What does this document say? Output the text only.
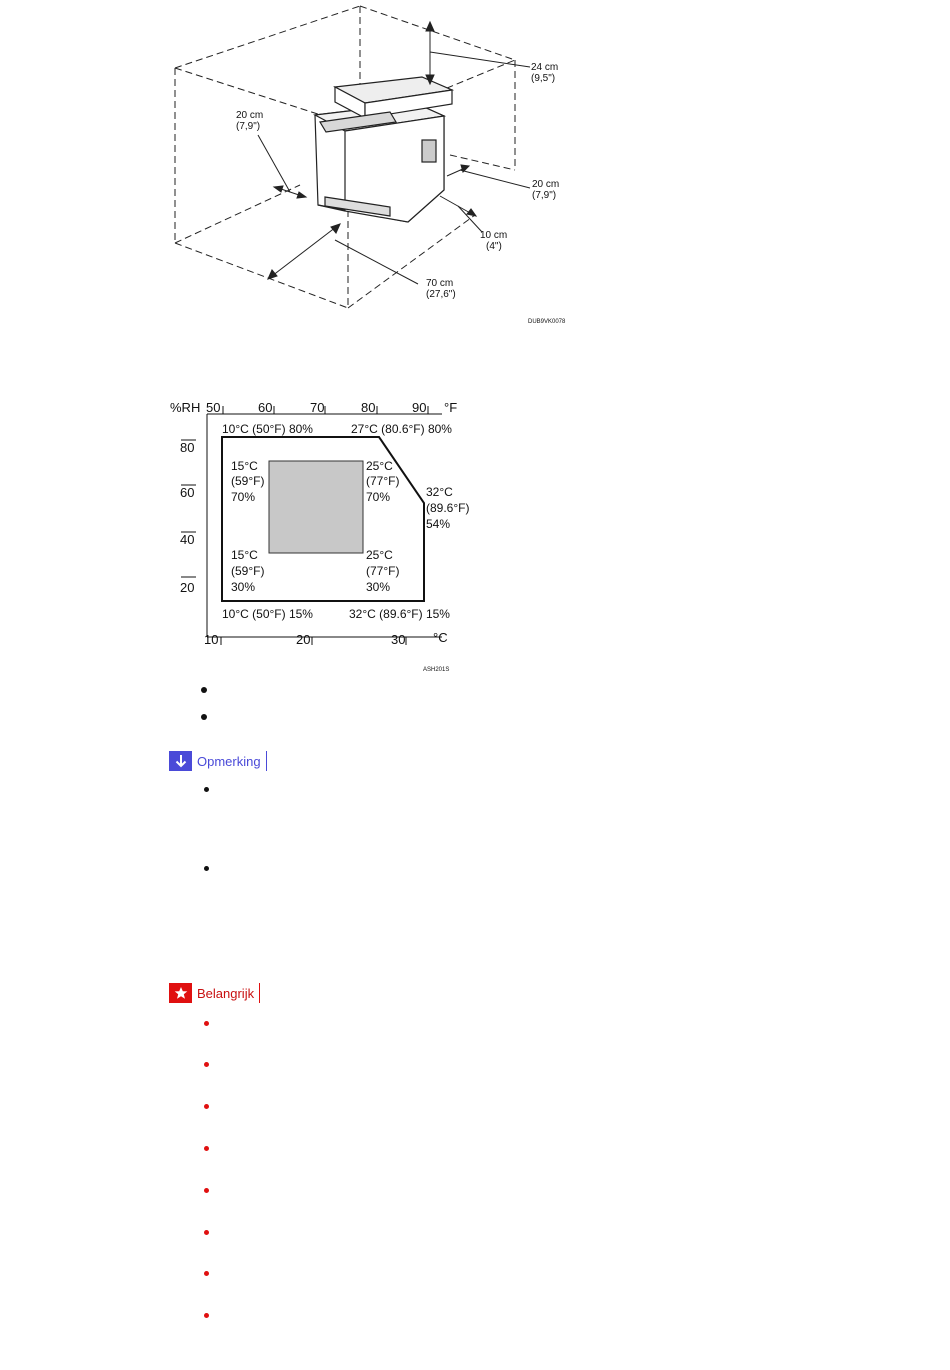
24 cm
(9,5")
20 cm
(7,9")
20 cm
(7,9")
10 cm
(4")
70 cm
(27,6")
DUB9VK0078
%RH	°F
°C
50	60	70	80	90
80
60
40
20
10	20	30
10°C (50°F) 80%	27°C (80.6°F) 80%
32°C
(89.6°F)
54%
10°C (50°F) 15%	32°C (89.6°F) 15%
15°C
(59°F)
70%
25°C
(77°F)
70%
15°C
(59°F)
30%
25°C
(77°F)
30%
ASH201S
Opmerking
Belangrijk
